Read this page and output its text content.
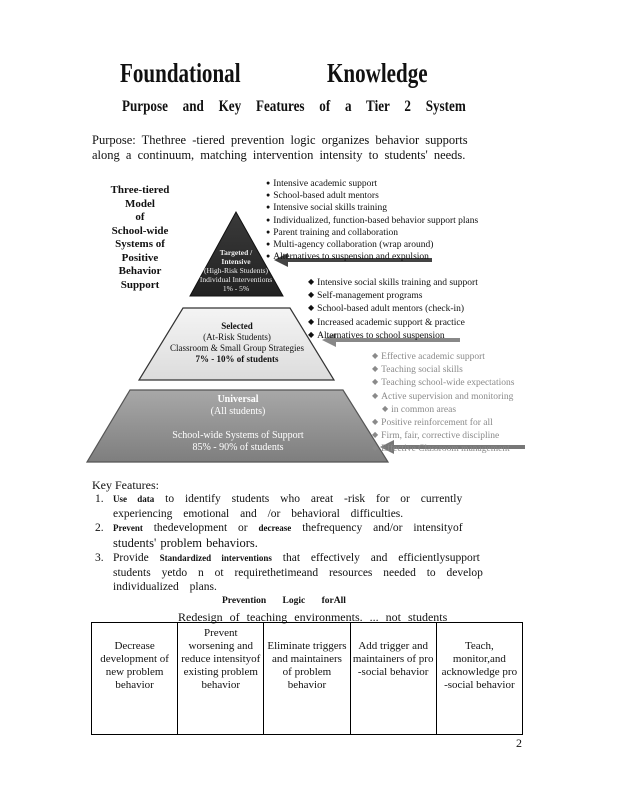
Foundational	Knowledge
Purpose and Key Features of a Tier 2 System
Purpose: Thethree -tiered prevention logic organizes behavior supports along a continuum, matching intervention intensity to students' needs.
Three-tiered
Model
of
School-wide
Systems of
Positive
Behavior
Support
Targeted /
Intensive
(High-Risk Students)
Individual Interventions
1% - 5%
Selected
(At-Risk Students)
Classroom & Small Group Strategies
7% - 10% of students
Universal
(All students)

School-wide Systems of Support
85% - 90% of students
● Intensive academic support
● School-based adult mentors
● Intensive social skills training
● Individualized, function-based behavior support plans
● Parent training and collaboration
● Multi-agency collaboration (wrap around)
● Alternatives to suspension and expulsion
◆ Intensive social skills training and support
◆ Self-management programs
◆ School-based adult mentors (check-in)
◆ Increased academic support & practice
◆ Alternatives to school suspension
◆ Effective academic support
◆ Teaching social skills
◆ Teaching school-wide expectations
◆ Active supervision and monitoring
◆ in common areas
◆ Positive reinforcement for all
◆ Firm, fair, corrective discipline
◆ Effective Classroom management
Key Features:
1. Use data to identify students who areat -risk for or currently experiencing emotional and /or behavioral difficulties.
2. Prevent thedevelopment or decrease thefrequency and/or intensityof
students' problem behaviors.
3. Provide Standardized interventions that effectively and efficientlysupport students yetdo n ot requirethetimeand resources needed to develop individualized plans.
Prevention Logic forAll
Redesign of teaching environments. ... not students
Decrease development of new problem behavior	Prevent worsening and reduce intensityof existing problem behavior	Eliminate triggers and maintainers of problem behavior	Add trigger and maintainers of pro -social behavior	Teach, monitor,and acknowledge pro -social behavior
2
